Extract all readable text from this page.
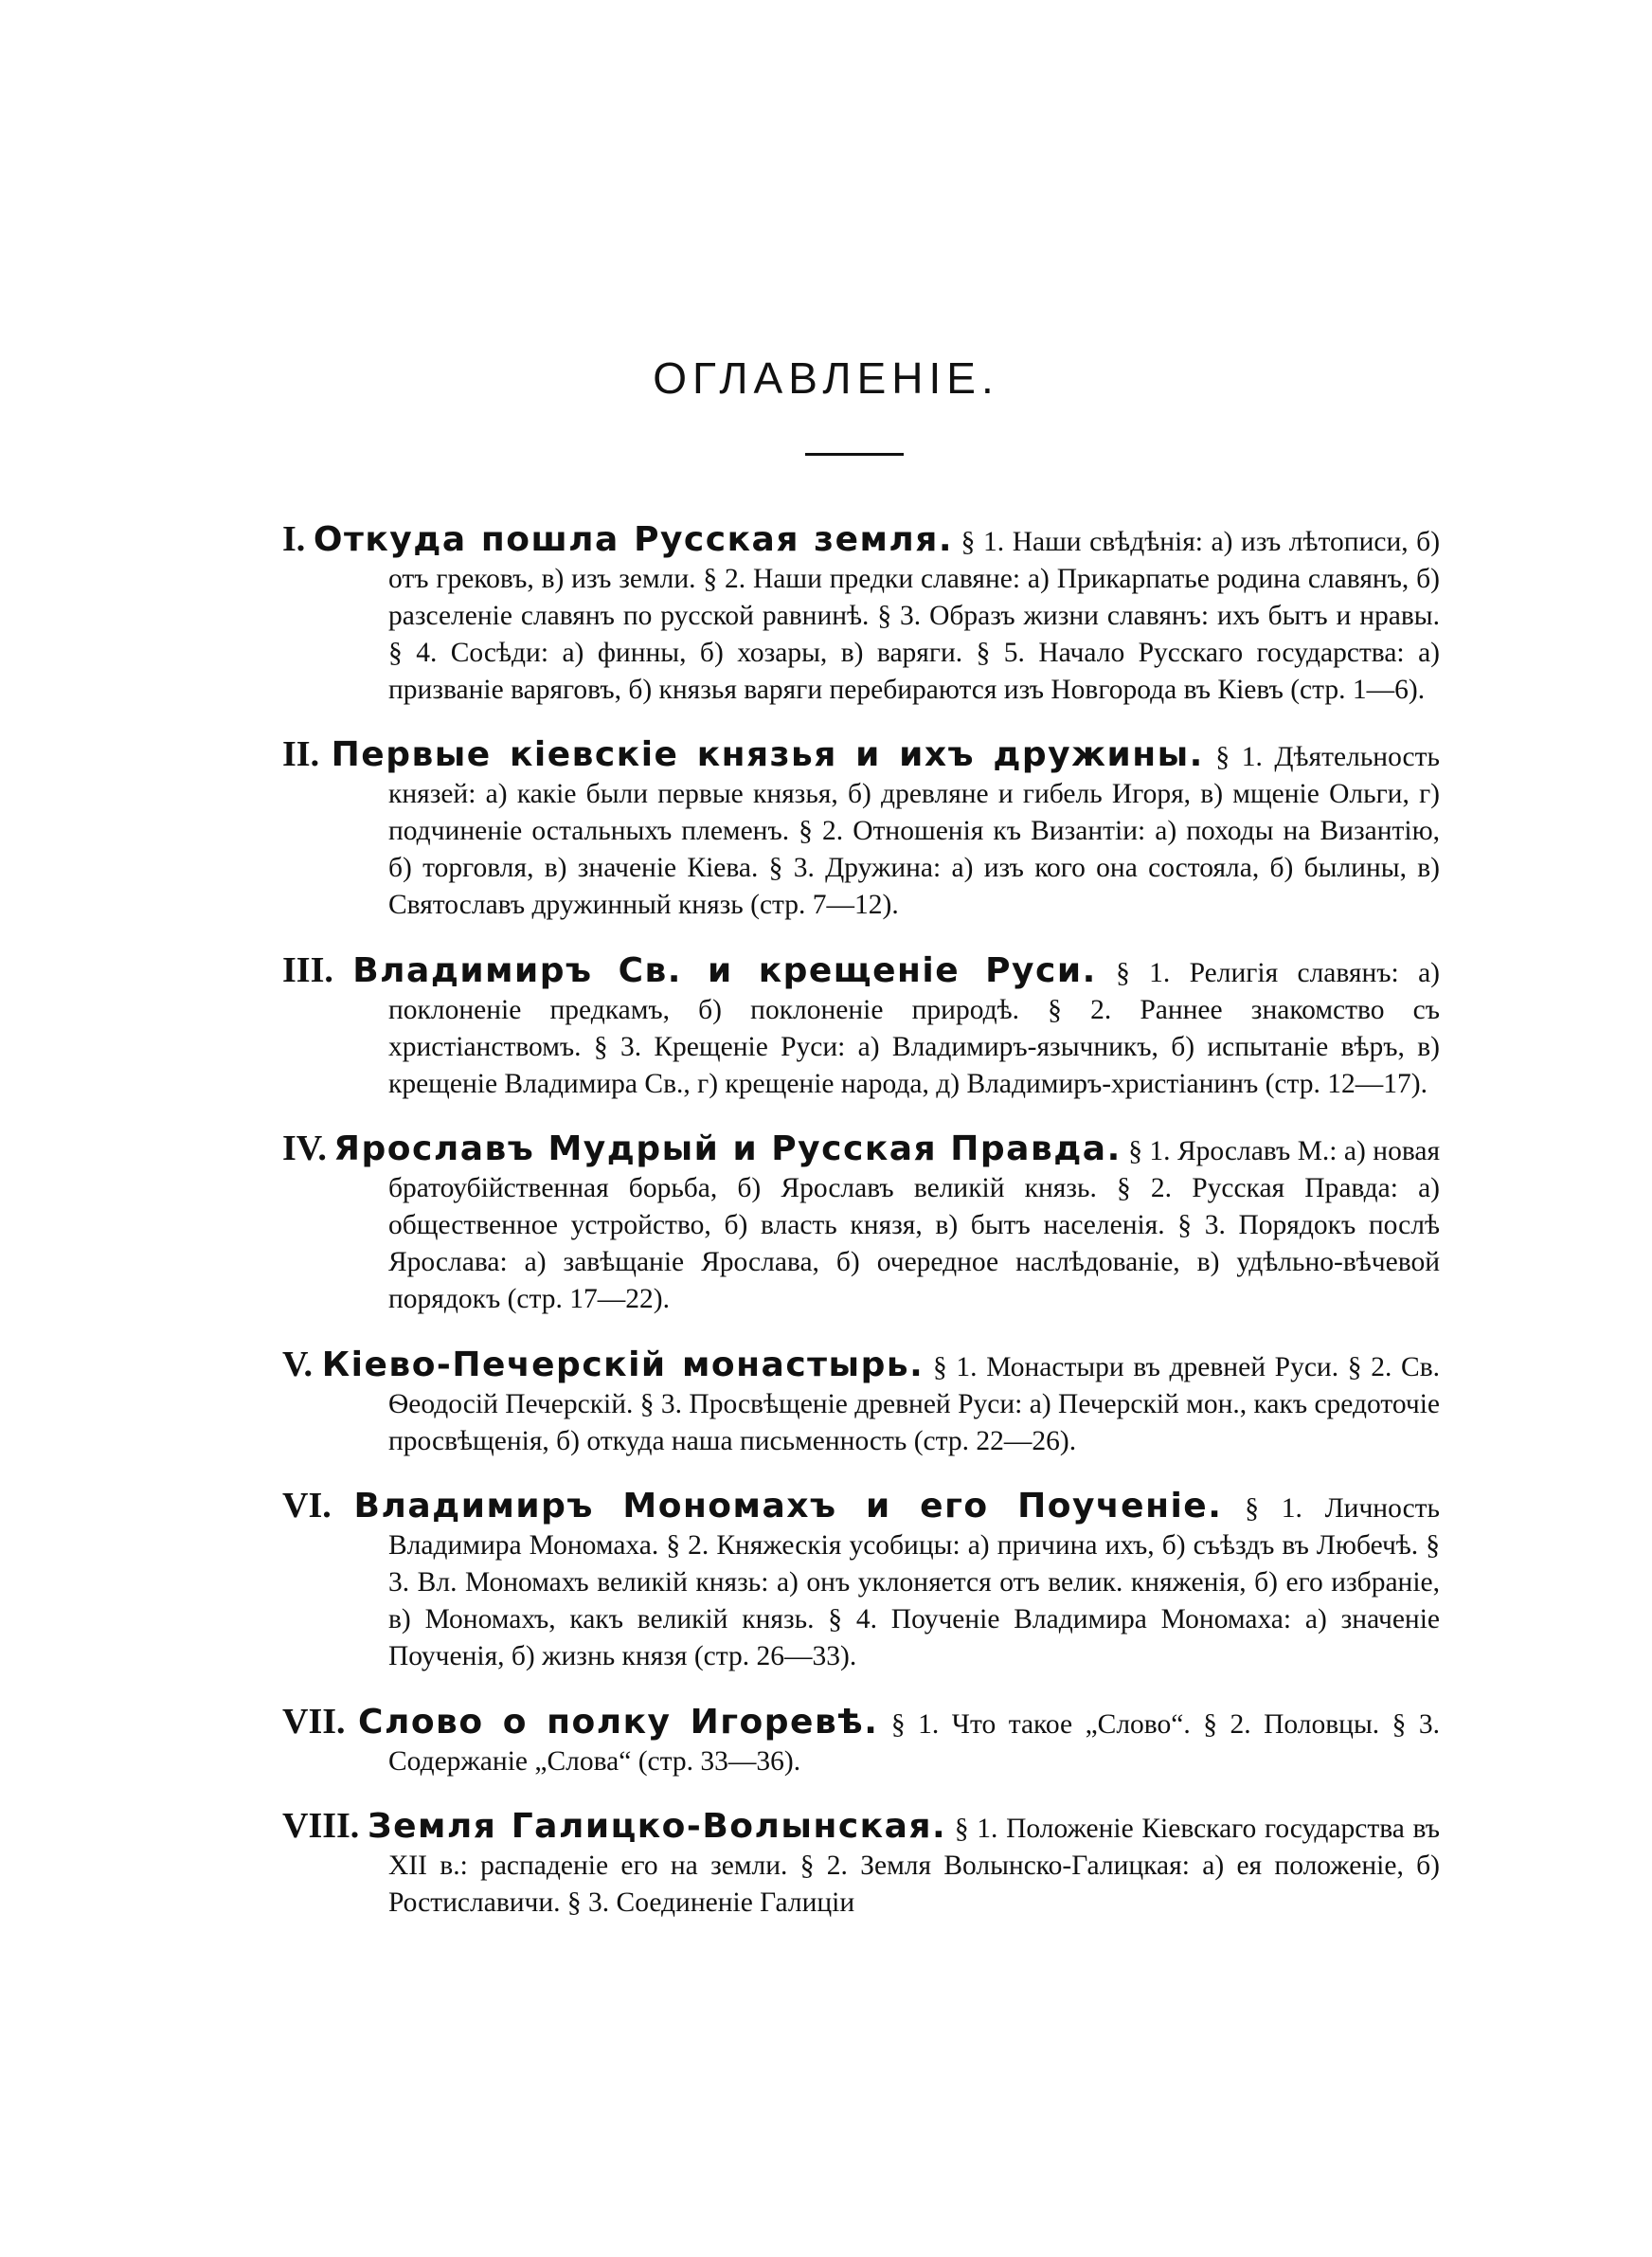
ОГЛАВЛЕНІЕ.

I. Откуда пошла Русская земля. § 1. Наши свѣдѣнія: а) изъ лѣтописи, б) отъ грековъ, в) изъ земли. § 2. Наши предки славяне: а) Прикарпатье родина славянъ, б) разселеніе славянъ по русской равнинѣ. § 3. Образъ жизни славянъ: ихъ бытъ и нравы. § 4. Сосѣди: а) финны, б) хозары, в) варяги. § 5. Начало Русскаго государства: а) призваніе варяговъ, б) князья варяги перебираются изъ Новгорода въ Кіевъ (стр. 1—6).

II. Первые кіевскіе князья и ихъ дружины. § 1. Дѣятельность князей: а) какіе были первые князья, б) древляне и гибель Игоря, в) мщеніе Ольги, г) подчиненіе остальныхъ племенъ. § 2. Отношенія къ Византіи: а) походы на Византію, б) торговля, в) значеніе Кіева. § 3. Дружина: а) изъ кого она состояла, б) былины, в) Святославъ дружинный князь (стр. 7—12).

III. Владимиръ Св. и крещеніе Руси. § 1. Религія славянъ: а) поклоненіе предкамъ, б) поклоненіе природѣ. § 2. Раннее знакомство съ христіанствомъ. § 3. Крещеніе Руси: а) Владимиръ-язычникъ, б) испытаніе вѣръ, в) крещеніе Владимира Св., г) крещеніе народа, д) Владимиръ-христіанинъ (стр. 12—17).

IV. Ярославъ Мудрый и Русская Правда. § 1. Ярославъ М.: а) новая братоубійственная борьба, б) Ярославъ великій князь. § 2. Русская Правда: а) общественное устройство, б) власть князя, в) бытъ населенія. § 3. Порядокъ послѣ Ярослава: а) завѣщаніе Ярослава, б) очередное наслѣдованіе, в) удѣльно-вѣчевой порядокъ (стр. 17—22).

V. Кіево-Печерскій монастырь. § 1. Монастыри въ древней Руси. § 2. Св. Ѳеодосій Печерскій. § 3. Просвѣщеніе древней Руси: а) Печерскій мон., какъ средоточіе просвѣщенія, б) откуда наша письменность (стр. 22—26).

VI. Владимиръ Мономахъ и его Поученіе. § 1. Личность Владимира Мономаха. § 2. Княжескія усобицы: а) причина ихъ, б) съѣздъ въ Любечѣ. § 3. Вл. Мономахъ великій князь: а) онъ уклоняется отъ велик. княженія, б) его избраніе, в) Мономахъ, какъ великій князь. § 4. Поученіе Владимира Мономаха: а) значеніе Поученія, б) жизнь князя (стр. 26—33).

VII. Слово о полку Игоревѣ. § 1. Что такое „Слово“. § 2. Половцы. § 3. Содержаніе „Слова“ (стр. 33—36).

VIII. Земля Галицко-Волынская. § 1. Положеніе Кіевскаго государства въ XII в.: распаденіе его на земли. § 2. Земля Волынско-Галицкая: а) ея положеніе, б) Ростиславичи. § 3. Соединеніе Галиціи
